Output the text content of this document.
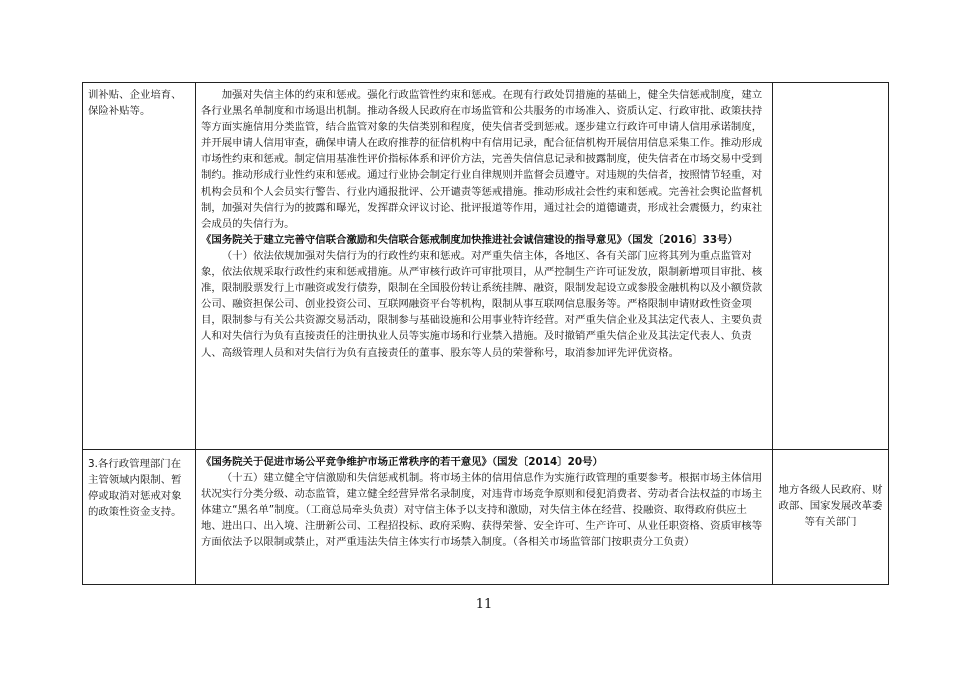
训补贴、企业培育、保险补贴等。	加强对失信主体的约束和惩戒。强化行政监管性约束和惩戒。在现有行政处罚措施的基础上，健全失信惩戒制度，建立各行业黑名单制度和市场退出机制。推动各级人民政府在市场监管和公共服务的市场准入、资质认定、行政审批、政策扶持等方面实施信用分类监管，结合监管对象的失信类别和程度，使失信者受到惩戒。逐步建立行政许可申请人信用承诺制度，并开展申请人信用审查，确保申请人在政府推荐的征信机构中有信用记录，配合征信机构开展信用信息采集工作。推动形成市场性约束和惩戒。制定信用基准性评价指标体系和评价方法，完善失信信息记录和披露制度，使失信者在市场交易中受到制约。推动形成行业性约束和惩戒。通过行业协会制定行业自律规则并监督会员遵守。对违规的失信者，按照情节轻重，对机构会员和个人会员实行警告、行业内通报批评、公开谴责等惩戒措施。推动形成社会性约束和惩戒。完善社会舆论监督机制，加强对失信行为的披露和曝光，发挥群众评议讨论、批评报道等作用，通过社会的道德谴责，形成社会震慑力，约束社会成员的失信行为。

《国务院关于建立完善守信联合激励和失信联合惩戒制度加快推进社会诚信建设的指导意见》（国发〔2016〕33号）

（十）依法依规加强对失信行为的行政性约束和惩戒。对严重失信主体，各地区、各有关部门应将其列为重点监管对象，依法依规采取行政性约束和惩戒措施。从严审核行政许可审批项目，从严控制生产许可证发放，限制新增项目审批、核准，限制股票发行上市融资或发行债券，限制在全国股份转让系统挂牌、融资，限制发起设立或参股金融机构以及小额贷款公司、融资担保公司、创业投资公司、互联网融资平台等机构，限制从事互联网信息服务等。严格限制申请财政性资金项目，限制参与有关公共资源交易活动，限制参与基础设施和公用事业特许经营。对严重失信企业及其法定代表人、主要负责人和对失信行为负有直接责任的注册执业人员等实施市场和行业禁入措施。及时撤销严重失信企业及其法定代表人、负责人、高级管理人员和对失信行为负有直接责任的董事、股东等人员的荣誉称号，取消参加评先评优资格。	

3.各行政管理部门在主管领域内限制、暂停或取消对惩戒对象的政策性资金支持。	《国务院关于促进市场公平竞争维护市场正常秩序的若干意见》（国发〔2014〕20号）

（十五）建立健全守信激励和失信惩戒机制。将市场主体的信用信息作为实施行政管理的重要参考。根据市场主体信用状况实行分类分级、动态监管，建立健全经营异常名录制度，对违背市场竞争原则和侵犯消费者、劳动者合法权益的市场主体建立“黑名单”制度。（工商总局牵头负责）对守信主体予以支持和激励，对失信主体在经营、投融资、取得政府供应土地、进出口、出入境、注册新公司、工程招投标、政府采购、获得荣誉、安全许可、生产许可、从业任职资格、资质审核等方面依法予以限制或禁止，对严重违法失信主体实行市场禁入制度。（各相关市场监管部门按职责分工负责）	地方各级人民政府、财政部、国家发展改革委等有关部门

11
